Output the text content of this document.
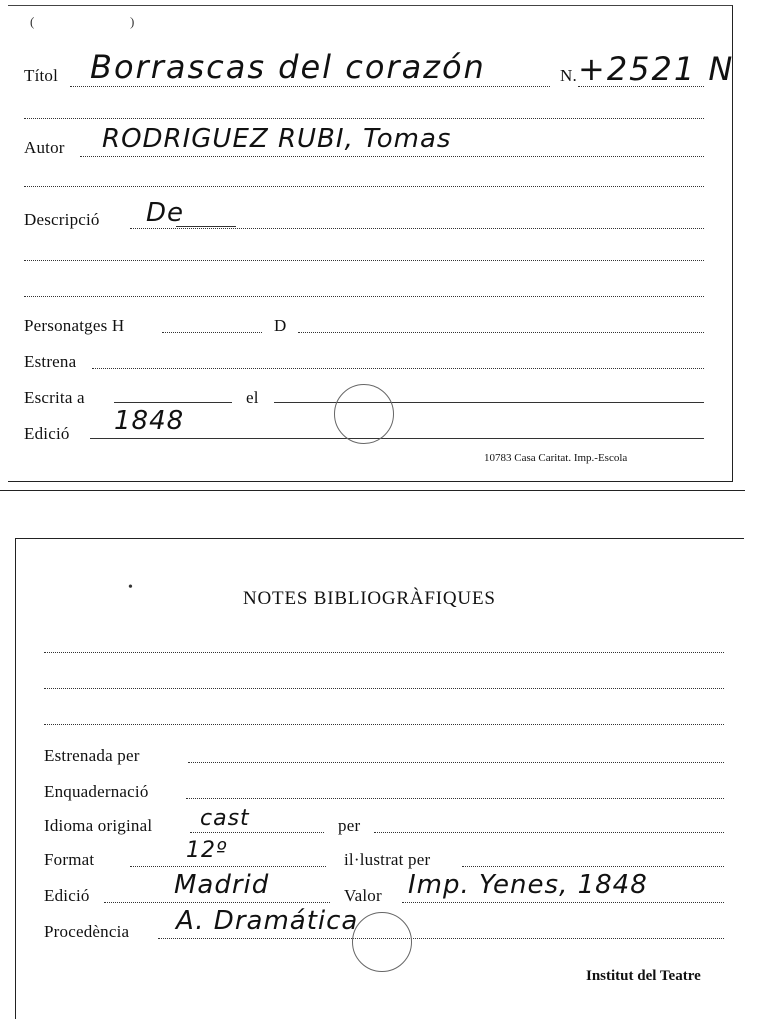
(	)
Títol Borrascas del corazón	N. +2521 N
Autor RODRIGUEZ RUBI, Tomas
Descripció De
Personatges H	D
Estrena
Escrita a	el
Edició 1848
10783 Casa Caritat. Imp.-Escola
•
NOTES BIBLIOGRÀFIQUES
Estrenada per
Enquadernació
Idioma original cast	per
Format	12º	il·lustrat per
Edició	Madrid	Valor Imp. Yenes, 1848
Procedència A. Dramática
Institut del Teatre
